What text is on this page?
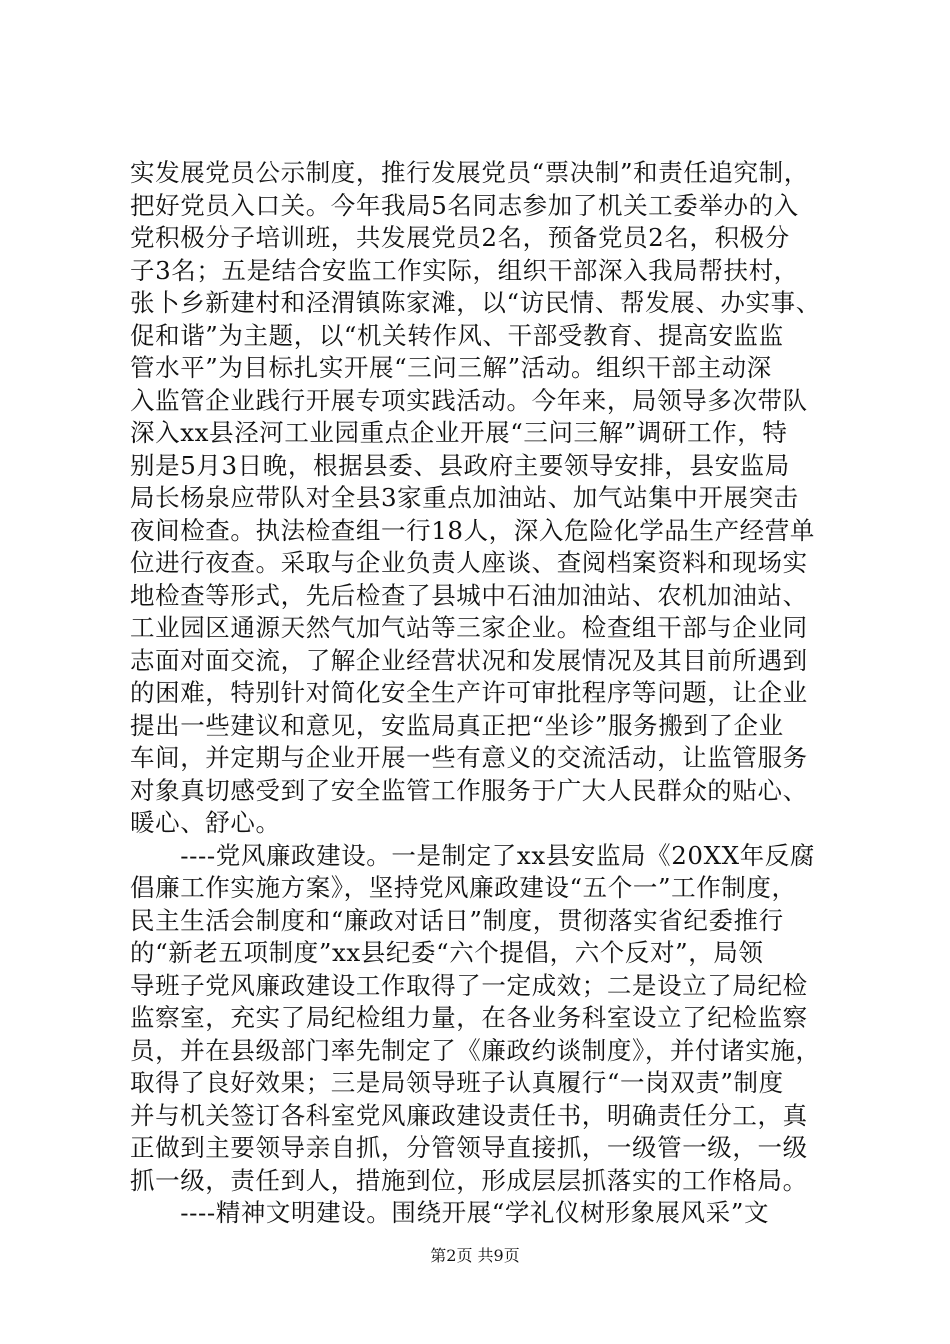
实发展党员公示制度，推行发展党员“票决制”和责任追究制，
把好党员入口关。今年我局5名同志参加了机关工委举办的入
党积极分子培训班，共发展党员2名，预备党员2名，积极分
子3名；五是结合安监工作实际，组织干部深入我局帮扶村，
张卜乡新建村和泾渭镇陈家滩，以“访民情、帮发展、办实事、
促和谐”为主题，以“机关转作风、干部受教育、提高安监监
管水平”为目标扎实开展“三问三解”活动。组织干部主动深
入监管企业践行开展专项实践活动。今年来，局领导多次带队
深入xx县泾河工业园重点企业开展“三问三解”调研工作，特
别是5月3日晚，根据县委、县政府主要领导安排，县安监局
局长杨泉应带队对全县3家重点加油站、加气站集中开展突击
夜间检查。执法检查组一行18人，深入危险化学品生产经营单
位进行夜查。采取与企业负责人座谈、查阅档案资料和现场实
地检查等形式，先后检查了县城中石油加油站、农机加油站、
工业园区通源天然气加气站等三家企业。检查组干部与企业同
志面对面交流，了解企业经营状况和发展情况及其目前所遇到
的困难，特别针对简化安全生产许可审批程序等问题，让企业
提出一些建议和意见，安监局真正把“坐诊”服务搬到了企业
车间，并定期与企业开展一些有意义的交流活动，让监管服务
对象真切感受到了安全监管工作服务于广大人民群众的贴心、
暖心、舒心。
　　----党风廉政建设。一是制定了xx县安监局《20XX年反腐
倡廉工作实施方案》，坚持党风廉政建设“五个一”工作制度，
民主生活会制度和“廉政对话日”制度，贯彻落实省纪委推行
的“新老五项制度”xx县纪委“六个提倡，六个反对”，局领
导班子党风廉政建设工作取得了一定成效；二是设立了局纪检
监察室，充实了局纪检组力量，在各业务科室设立了纪检监察
员，并在县级部门率先制定了《廉政约谈制度》，并付诸实施，
取得了良好效果；三是局领导班子认真履行“一岗双责”制度
并与机关签订各科室党风廉政建设责任书，明确责任分工，真
正做到主要领导亲自抓，分管领导直接抓，一级管一级，一级
抓一级，责任到人，措施到位，形成层层抓落实的工作格局。
　　----精神文明建设。围绕开展“学礼仪树形象展风采”文
第2页 共9页
